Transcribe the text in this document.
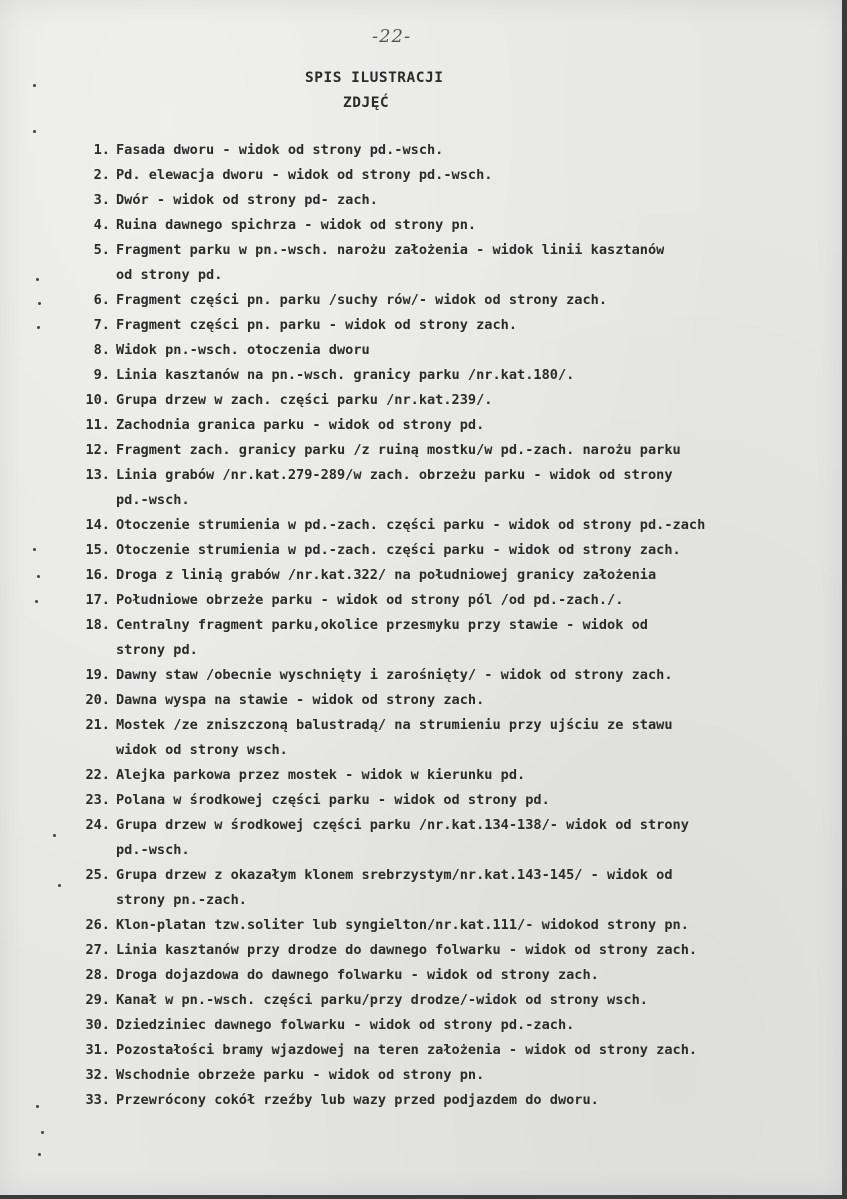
-22-
SPIS ILUSTRACJI
ZDJĘĆ
1. Fasada dworu - widok od strony pd.-wsch.
2. Pd. elewacja dworu - widok od strony pd.-wsch.
3. Dwór - widok od strony pd- zach.
4. Ruina dawnego spichrza - widok od strony pn.
5. Fragment parku w pn.-wsch. narożu założenia - widok linii kasztanów
od strony pd.
6. Fragment części pn. parku /suchy rów/- widok od strony zach.
7. Fragment części pn. parku - widok od strony zach.
8. Widok pn.-wsch. otoczenia dworu
9. Linia kasztanów na pn.-wsch. granicy parku /nr.kat.180/.
10. Grupa drzew w zach. części parku /nr.kat.239/.
11. Zachodnia granica parku - widok od strony pd.
12. Fragment zach. granicy parku /z ruiną mostku/w pd.-zach. narożu parku
13. Linia grabów /nr.kat.279-289/w zach. obrzeżu parku - widok od strony
pd.-wsch.
14. Otoczenie strumienia w pd.-zach. części parku - widok od strony pd.-zach
15. Otoczenie strumienia w pd.-zach. części parku - widok od strony zach.
16. Droga z linią grabów /nr.kat.322/ na południowej granicy założenia
17. Południowe obrzeże parku - widok od strony pól /od pd.-zach./.
18. Centralny fragment parku,okolice przesmyku przy stawie - widok od
strony pd.
19. Dawny staw /obecnie wyschnięty i zarośnięty/ - widok od strony zach.
20. Dawna wyspa na stawie - widok od strony zach.
21. Mostek /ze zniszczoną balustradą/ na strumieniu przy ujściu ze stawu
widok od strony wsch.
22. Alejka parkowa przez mostek - widok w kierunku pd.
23. Polana w środkowej części parku - widok od strony pd.
24. Grupa drzew w środkowej części parku /nr.kat.134-138/- widok od strony
pd.-wsch.
25. Grupa drzew z okazałym klonem srebrzystym/nr.kat.143-145/ - widok od
strony pn.-zach.
26. Klon-platan tzw.soliter lub syngielton/nr.kat.111/- widokod strony pn.
27. Linia kasztanów przy drodze do dawnego folwarku - widok od strony zach.
28. Droga dojazdowa do dawnego folwarku - widok od strony zach.
29. Kanał w pn.-wsch. części parku/przy drodze/-widok od strony wsch.
30. Dziedziniec dawnego folwarku - widok od strony pd.-zach.
31. Pozostałości bramy wjazdowej na teren założenia - widok od strony zach.
32. Wschodnie obrzeże parku - widok od strony pn.
33. Przewrócony cokół rzeźby lub wazy przed podjazdem do dworu.
